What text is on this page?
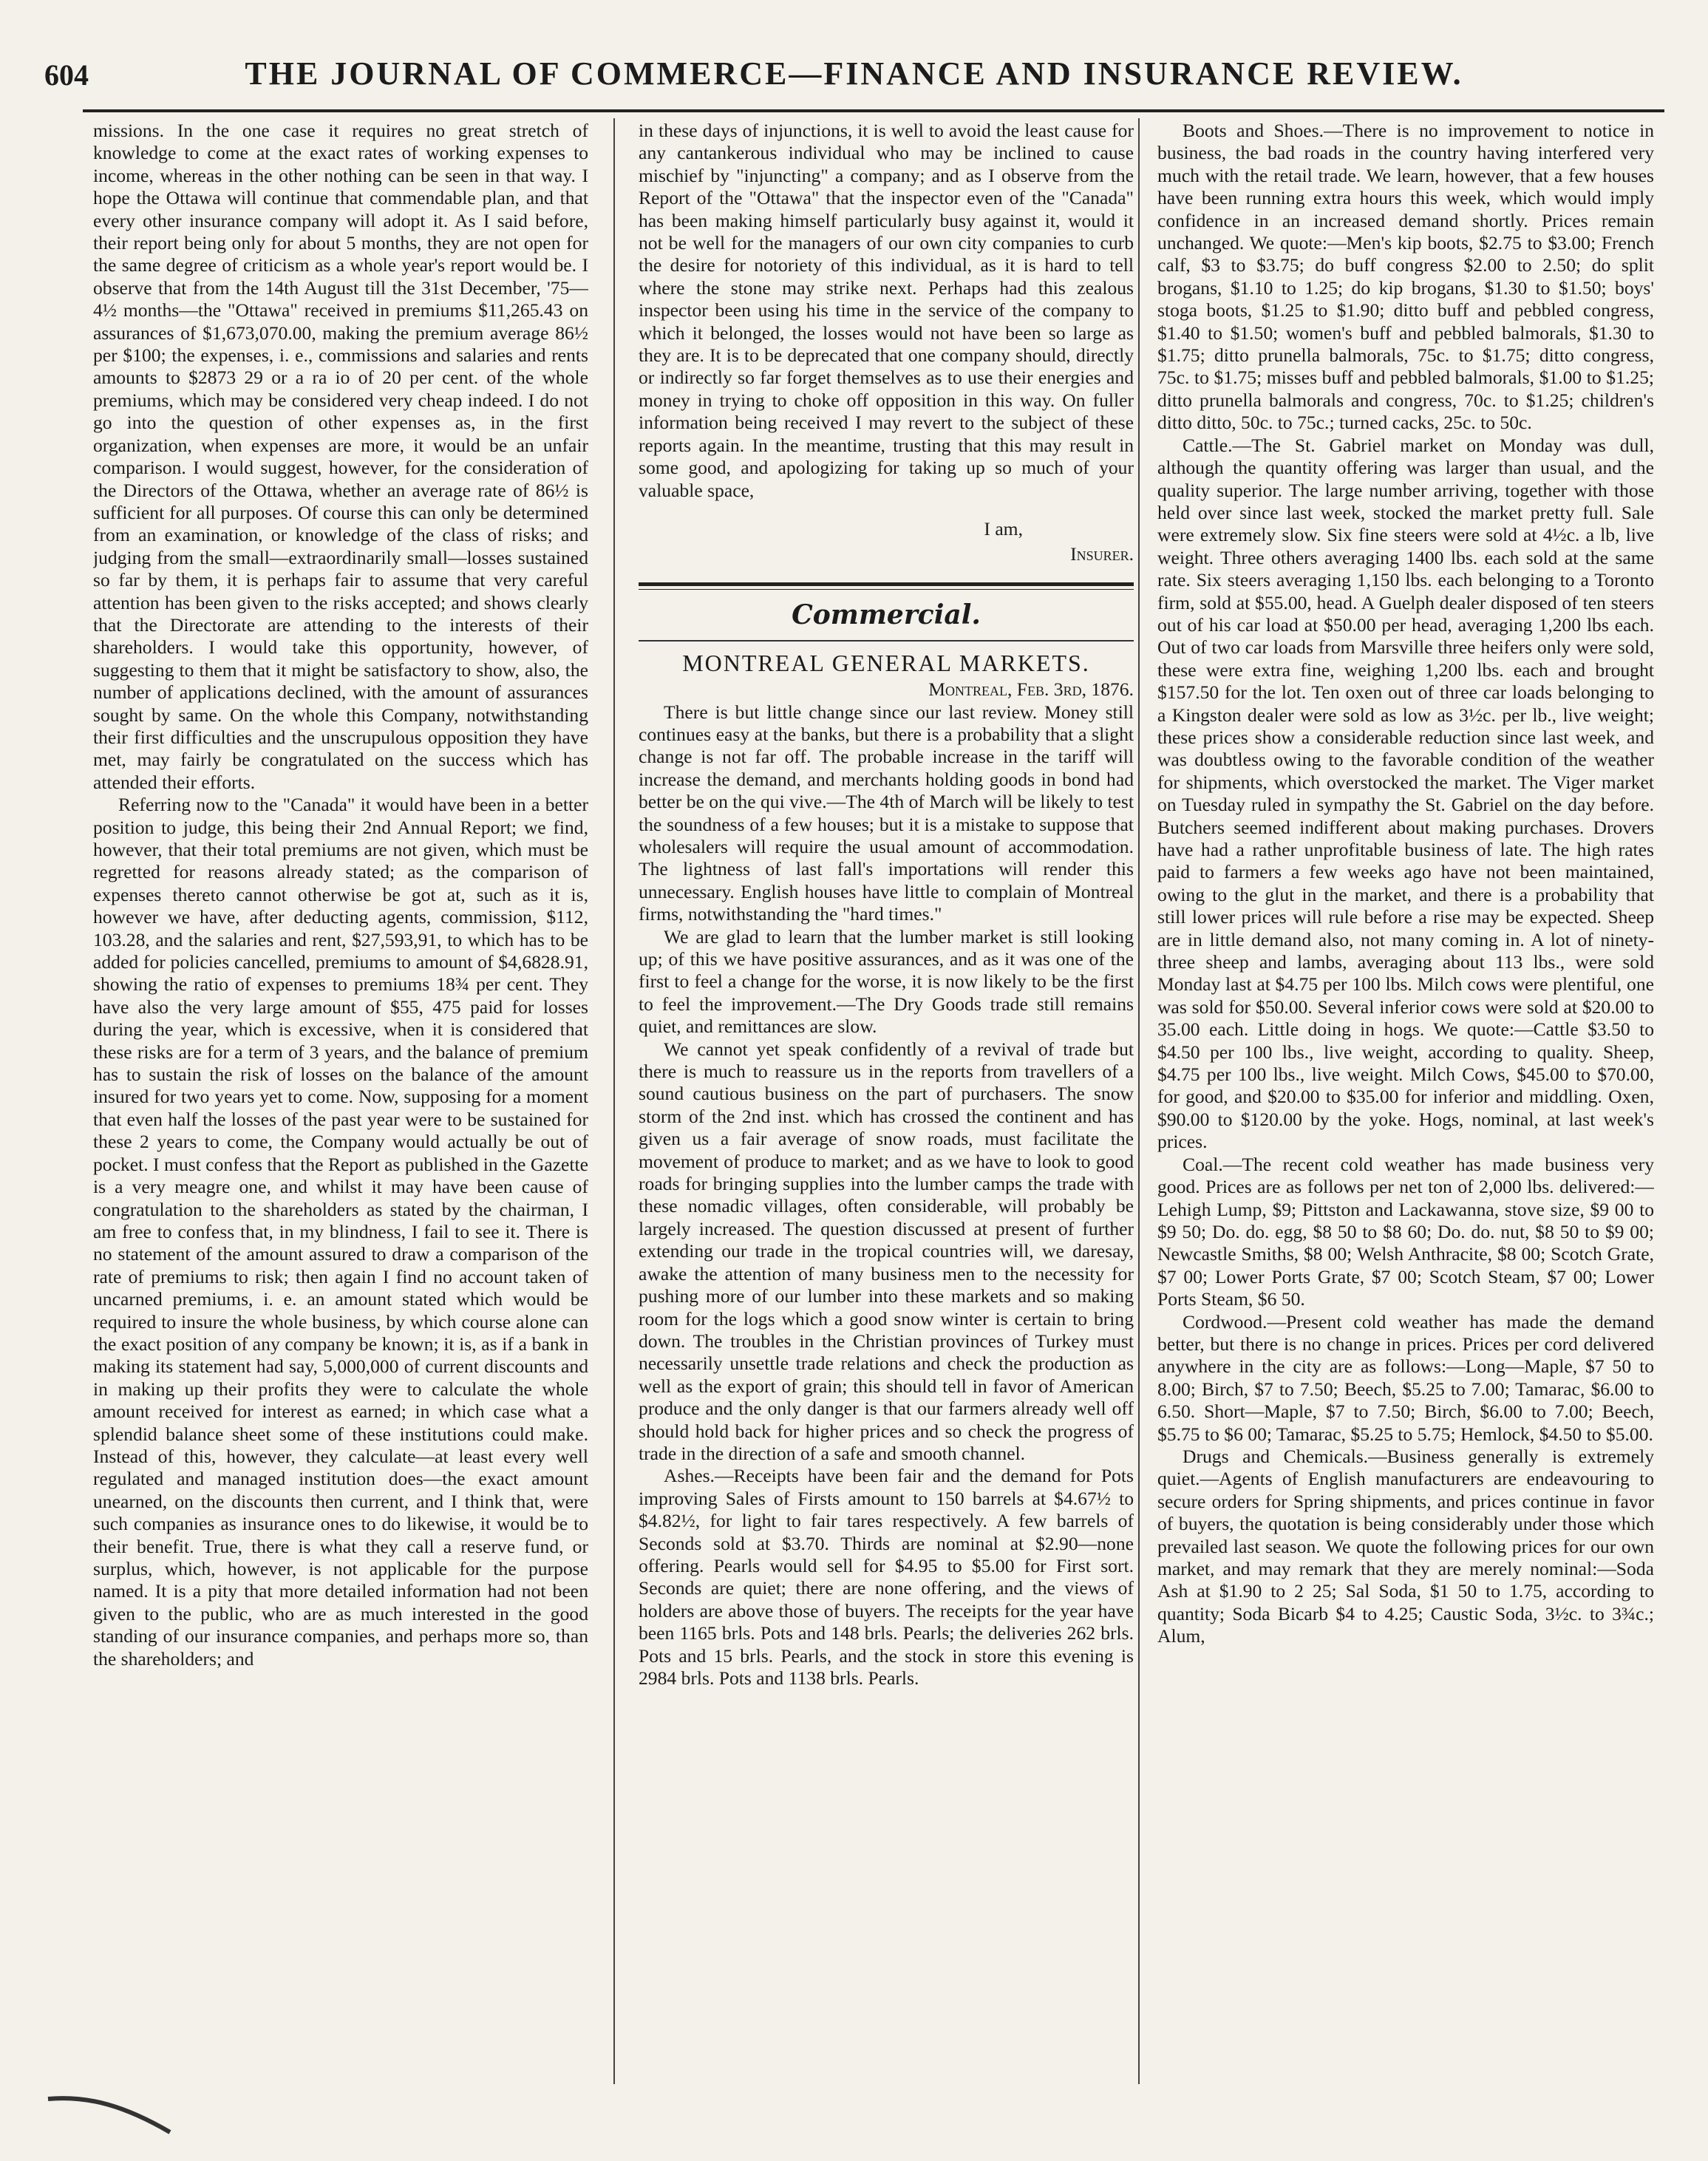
604	THE JOURNAL OF COMMERCE—FINANCE AND INSURANCE REVIEW.

missions. In the one case it requires no great stretch of knowledge to come at the exact rates of working expenses to income, whereas in the other nothing can be seen in that way. I hope the Ottawa will continue that commendable plan, and that every other insurance company will adopt it. As I said before, their report being only for about 5 months, they are not open for the same degree of criticism as a whole year's report would be. I observe that from the 14th August till the 31st December, '75—4½ months—the "Ottawa" received in premiums $11,265.43 on assurances of $1,673,070.00, making the premium average 86½ per $100; the expenses, i. e., commissions and salaries and rents amounts to $2873 29 or a ra io of 20 per cent. of the whole premiums, which may be considered very cheap indeed. I do not go into the question of other expenses as, in the first organization, when expenses are more, it would be an unfair comparison. I would suggest, however, for the consideration of the Directors of the Ottawa, whether an average rate of 86½ is sufficient for all purposes. Of course this can only be determined from an examination, or knowledge of the class of risks; and judging from the small—extraordinarily small—losses sustained so far by them, it is perhaps fair to assume that very careful attention has been given to the risks accepted; and shows clearly that the Directorate are attending to the interests of their shareholders. I would take this opportunity, however, of suggesting to them that it might be satisfactory to show, also, the number of applications declined, with the amount of assurances sought by same. On the whole this Company, notwithstanding their first difficulties and the unscrupulous opposition they have met, may fairly be congratulated on the success which has attended their efforts.

Referring now to the "Canada" it would have been in a better position to judge, this being their 2nd Annual Report; we find, however, that their total premiums are not given, which must be regretted for reasons already stated; as the comparison of expenses thereto cannot otherwise be got at, such as it is, however we have, after deducting agents, commission, $112, 103.28, and the salaries and rent, $27,593,91, to which has to be added for policies cancelled, premiums to amount of $4,6828.91, showing the ratio of expenses to premiums 18¾ per cent. They have also the very large amount of $55, 475 paid for losses during the year, which is excessive, when it is considered that these risks are for a term of 3 years, and the balance of premium has to sustain the risk of losses on the balance of the amount insured for two years yet to come. Now, supposing for a moment that even half the losses of the past year were to be sustained for these 2 years to come, the Company would actually be out of pocket. I must confess that the Report as published in the Gazette is a very meagre one, and whilst it may have been cause of congratulation to the shareholders as stated by the chairman, I am free to confess that, in my blindness, I fail to see it. There is no statement of the amount assured to draw a comparison of the rate of premiums to risk; then again I find no account taken of uncarned premiums, i. e. an amount stated which would be required to insure the whole business, by which course alone can the exact position of any company be known; it is, as if a bank in making its statement had say, 5,000,000 of current discounts and in making up their profits they were to calculate the whole amount received for interest as earned; in which case what a splendid balance sheet some of these institutions could make. Instead of this, however, they calculate—at least every well regulated and managed institution does—the exact amount unearned, on the discounts then current, and I think that, were such companies as insurance ones to do likewise, it would be to their benefit. True, there is what they call a reserve fund, or surplus, which, however, is not applicable for the purpose named. It is a pity that more detailed information had not been given to the public, who are as much interested in the good standing of our insurance companies, and perhaps more so, than the shareholders; and

in these days of injunctions, it is well to avoid the least cause for any cantankerous individual who may be inclined to cause mischief by "injuncting" a company; and as I observe from the Report of the "Ottawa" that the inspector even of the "Canada" has been making himself particularly busy against it, would it not be well for the managers of our own city companies to curb the desire for notoriety of this individual, as it is hard to tell where the stone may strike next. Perhaps had this zealous inspector been using his time in the service of the company to which it belonged, the losses would not have been so large as they are. It is to be deprecated that one company should, directly or indirectly so far forget themselves as to use their energies and money in trying to choke off opposition in this way. On fuller information being received I may revert to the subject of these reports again. In the meantime, trusting that this may result in some good, and apologizing for taking up so much of your valuable space,

I am,

Insurer.

Commercial.
MONTREAL GENERAL MARKETS.

Montreal, Feb. 3rd, 1876.

There is but little change since our last review. Money still continues easy at the banks, but there is a probability that a slight change is not far off. The probable increase in the tariff will increase the demand, and merchants holding goods in bond had better be on the qui vive.—The 4th of March will be likely to test the soundness of a few houses; but it is a mistake to suppose that wholesalers will require the usual amount of accommodation. The lightness of last fall's importations will render this unnecessary. English houses have little to complain of Montreal firms, notwithstanding the "hard times."

We are glad to learn that the lumber market is still looking up; of this we have positive assurances, and as it was one of the first to feel a change for the worse, it is now likely to be the first to feel the improvement.—The Dry Goods trade still remains quiet, and remittances are slow.

We cannot yet speak confidently of a revival of trade but there is much to reassure us in the reports from travellers of a sound cautious business on the part of purchasers. The snow storm of the 2nd inst. which has crossed the continent and has given us a fair average of snow roads, must facilitate the movement of produce to market; and as we have to look to good roads for bringing supplies into the lumber camps the trade with these nomadic villages, often considerable, will probably be largely increased. The question discussed at present of further extending our trade in the tropical countries will, we daresay, awake the attention of many business men to the necessity for pushing more of our lumber into these markets and so making room for the logs which a good snow winter is certain to bring down. The troubles in the Christian provinces of Turkey must necessarily unsettle trade relations and check the production as well as the export of grain; this should tell in favor of American produce and the only danger is that our farmers already well off should hold back for higher prices and so check the progress of trade in the direction of a safe and smooth channel.

Ashes.—Receipts have been fair and the demand for Pots improving Sales of Firsts amount to 150 barrels at $4.67½ to $4.82½, for light to fair tares respectively. A few barrels of Seconds sold at $3.70. Thirds are nominal at $2.90—none offering. Pearls would sell for $4.95 to $5.00 for First sort. Seconds are quiet; there are none offering, and the views of holders are above those of buyers. The receipts for the year have been 1165 brls. Pots and 148 brls. Pearls; the deliveries 262 brls. Pots and 15 brls. Pearls, and the stock in store this evening is 2984 brls. Pots and 1138 brls. Pearls.

Boots and Shoes.—There is no improvement to notice in business, the bad roads in the country having interfered very much with the retail trade. We learn, however, that a few houses have been running extra hours this week, which would imply confidence in an increased demand shortly. Prices remain unchanged. We quote:—Men's kip boots, $2.75 to $3.00; French calf, $3 to $3.75; do buff congress $2.00 to 2.50; do split brogans, $1.10 to 1.25; do kip brogans, $1.30 to $1.50; boys' stoga boots, $1.25 to $1.90; ditto buff and pebbled congress, $1.40 to $1.50; women's buff and pebbled balmorals, $1.30 to $1.75; ditto prunella balmorals, 75c. to $1.75; ditto congress, 75c. to $1.75; misses buff and pebbled balmorals, $1.00 to $1.25; ditto prunella balmorals and congress, 70c. to $1.25; children's ditto ditto, 50c. to 75c.; turned cacks, 25c. to 50c.

Cattle.—The St. Gabriel market on Monday was dull, although the quantity offering was larger than usual, and the quality superior. The large number arriving, together with those held over since last week, stocked the market pretty full. Sale were extremely slow. Six fine steers were sold at 4½c. a lb, live weight. Three others averaging 1400 lbs. each sold at the same rate. Six steers averaging 1,150 lbs. each belonging to a Toronto firm, sold at $55.00, head. A Guelph dealer disposed of ten steers out of his car load at $50.00 per head, averaging 1,200 lbs each. Out of two car loads from Marsville three heifers only were sold, these were extra fine, weighing 1,200 lbs. each and brought $157.50 for the lot. Ten oxen out of three car loads belonging to a Kingston dealer were sold as low as 3½c. per lb., live weight; these prices show a considerable reduction since last week, and was doubtless owing to the favorable condition of the weather for shipments, which overstocked the market. The Viger market on Tuesday ruled in sympathy the St. Gabriel on the day before. Butchers seemed indifferent about making purchases. Drovers have had a rather unprofitable business of late. The high rates paid to farmers a few weeks ago have not been maintained, owing to the glut in the market, and there is a probability that still lower prices will rule before a rise may be expected. Sheep are in little demand also, not many coming in. A lot of ninety-three sheep and lambs, averaging about 113 lbs., were sold Monday last at $4.75 per 100 lbs. Milch cows were plentiful, one was sold for $50.00. Several inferior cows were sold at $20.00 to 35.00 each. Little doing in hogs. We quote:—Cattle $3.50 to $4.50 per 100 lbs., live weight, according to quality. Sheep, $4.75 per 100 lbs., live weight. Milch Cows, $45.00 to $70.00, for good, and $20.00 to $35.00 for inferior and middling. Oxen, $90.00 to $120.00 by the yoke. Hogs, nominal, at last week's prices.

Coal.—The recent cold weather has made business very good. Prices are as follows per net ton of 2,000 lbs. delivered:—Lehigh Lump, $9; Pittston and Lackawanna, stove size, $9 00 to $9 50; Do. do. egg, $8 50 to $8 60; Do. do. nut, $8 50 to $9 00; Newcastle Smiths, $8 00; Welsh Anthracite, $8 00; Scotch Grate, $7 00; Lower Ports Grate, $7 00; Scotch Steam, $7 00; Lower Ports Steam, $6 50.

Cordwood.—Present cold weather has made the demand better, but there is no change in prices. Prices per cord delivered anywhere in the city are as follows:—Long—Maple, $7 50 to 8.00; Birch, $7 to 7.50; Beech, $5.25 to 7.00; Tamarac, $6.00 to 6.50. Short—Maple, $7 to 7.50; Birch, $6.00 to 7.00; Beech, $5.75 to $6 00; Tamarac, $5.25 to 5.75; Hemlock, $4.50 to $5.00.

Drugs and Chemicals.—Business generally is extremely quiet.—Agents of English manufacturers are endeavouring to secure orders for Spring shipments, and prices continue in favor of buyers, the quotation is being considerably under those which prevailed last season. We quote the following prices for our own market, and may remark that they are merely nominal:—Soda Ash at $1.90 to 2 25; Sal Soda, $1 50 to 1.75, according to quantity; Soda Bicarb $4 to 4.25; Caustic Soda, 3½c. to 3¾c.; Alum,
